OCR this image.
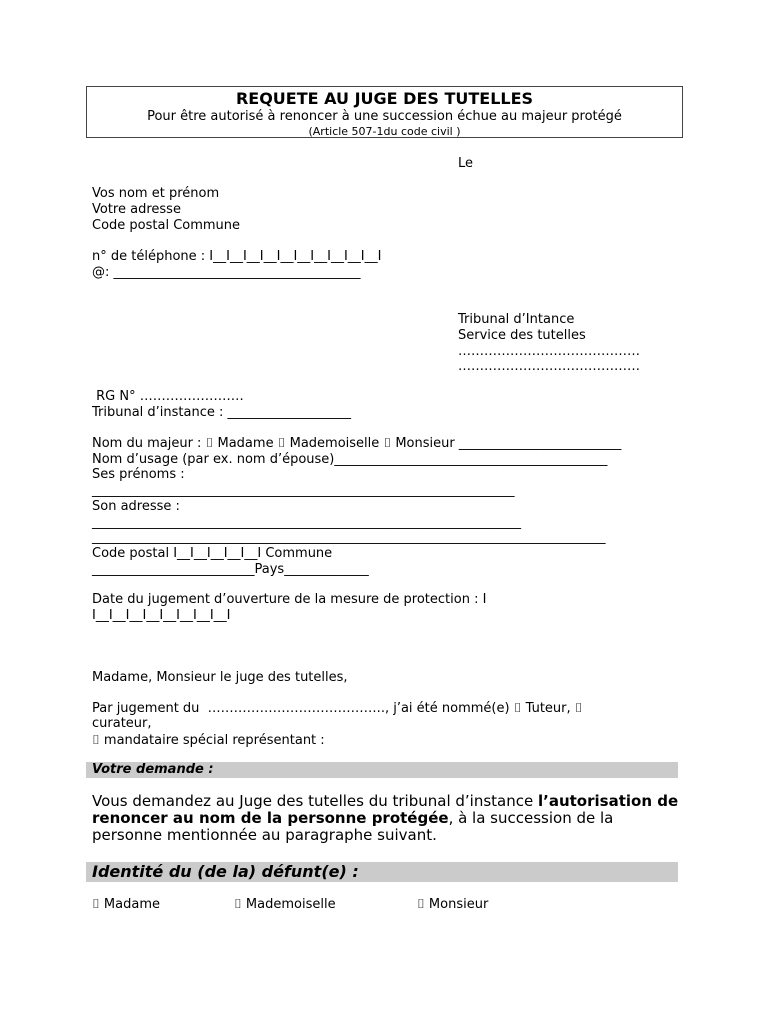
REQUETE AU JUGE DES TUTELLES
Pour être autorisé à renoncer à une succession échue au majeur protégé
(Article 507-1du code civil )
Le
Vos nom et prénom
Votre adresse
Code postal Commune
n° de téléphone : I__I__I__I__I__I__I__I__I__I__I
@: ______________________________________
Tribunal d’Intance
Service des tutelles
……………………………………
……………………………………
RG N° ……………………
Tribunal d’instance : ___________________
Nom du majeur : ⌷ Madame ⌷ Mademoiselle ⌷ Monsieur _________________________
Nom d’usage (par ex. nom d’épouse)__________________________________________
Ses prénoms :
_________________________________________________________________
Son adresse :
__________________________________________________________________
_______________________________________________________________________________
Code postal I__I__I__I__I__I Commune
_________________________Pays_____________
Date du jugement d’ouverture de la mesure de protection : I
I__I__I__I__I__I__I__I__I
Madame, Monsieur le juge des tutelles,
Par jugement du  ………………………………….., j’ai été nommé(e) ⌷ Tuteur, ⌷
curateur,
⌷ mandataire spécial représentant :
Votre demande :
Vous demandez au Juge des tutelles du tribunal d’instance l’autorisation de renoncer au nom de la personne protégée, à la succession de la personne mentionnée au paragraphe suivant.
Identité du (de la) défunt(e) :
⌷ Madame	⌷ Mademoiselle	⌷ Monsieur
